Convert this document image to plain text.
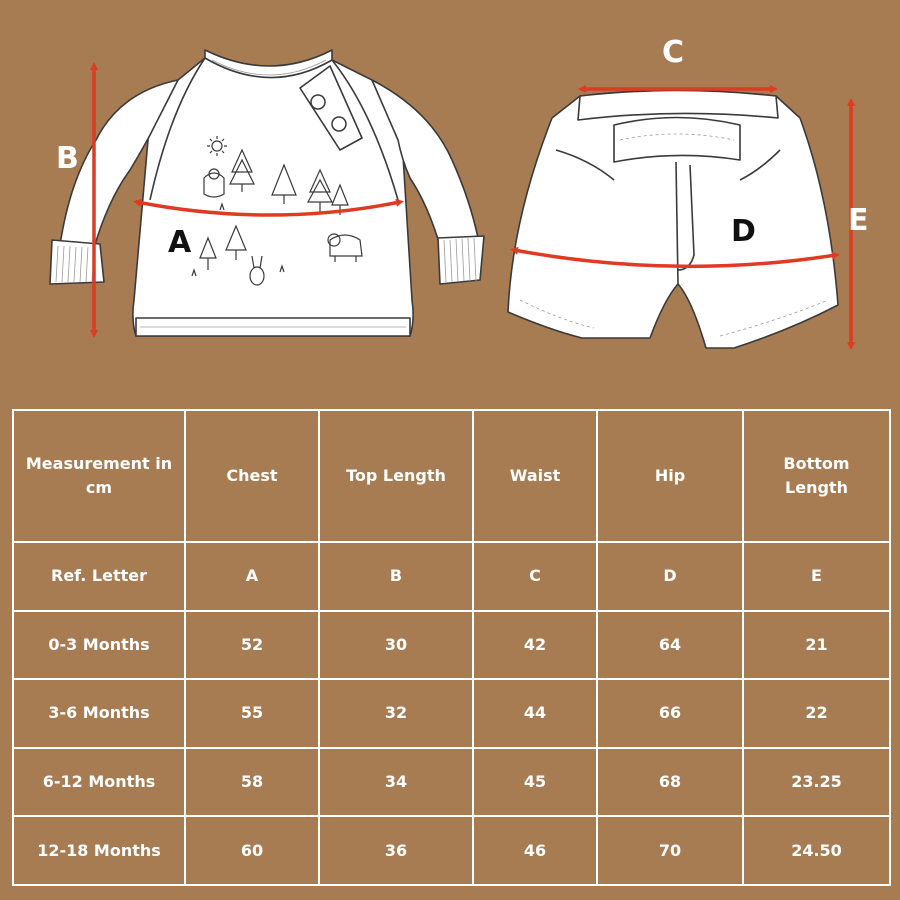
B
A
C
D	E
Measurement in cm	Chest	Top Length	Waist	Hip	Bottom Length
Ref. Letter	A	B	C	D	E
0-3 Months	52	30	42	64	21
3-6 Months	55	32	44	66	22
6-12 Months	58	34	45	68	23.25
12-18 Months	60	36	46	70	24.50
